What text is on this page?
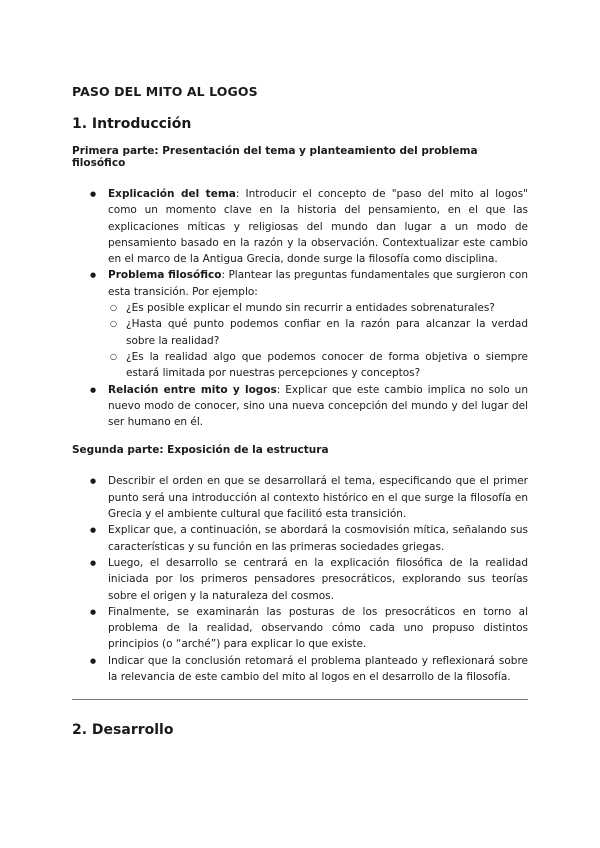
PASO DEL MITO AL LOGOS
1. Introducción
Primera parte: Presentación del tema y planteamiento del problema filosófico
● Explicación del tema: Introducir el concepto de "paso del mito al logos" como un momento clave en la historia del pensamiento, en el que las explicaciones míticas y religiosas del mundo dan lugar a un modo de pensamiento basado en la razón y la observación. Contextualizar este cambio en el marco de la Antigua Grecia, donde surge la filosofía como disciplina.
● Problema filosófico: Plantear las preguntas fundamentales que surgieron con esta transición. Por ejemplo:
○ ¿Es posible explicar el mundo sin recurrir a entidades sobrenaturales?
○ ¿Hasta qué punto podemos confiar en la razón para alcanzar la verdad sobre la realidad?
○ ¿Es la realidad algo que podemos conocer de forma objetiva o siempre estará limitada por nuestras percepciones y conceptos?
● Relación entre mito y logos: Explicar que este cambio implica no solo un nuevo modo de conocer, sino una nueva concepción del mundo y del lugar del ser humano en él.
Segunda parte: Exposición de la estructura
● Describir el orden en que se desarrollará el tema, especificando que el primer punto será una introducción al contexto histórico en el que surge la filosofía en Grecia y el ambiente cultural que facilitó esta transición.
● Explicar que, a continuación, se abordará la cosmovisión mítica, señalando sus características y su función en las primeras sociedades griegas.
● Luego, el desarrollo se centrará en la explicación filosófica de la realidad iniciada por los primeros pensadores presocráticos, explorando sus teorías sobre el origen y la naturaleza del cosmos.
● Finalmente, se examinarán las posturas de los presocráticos en torno al problema de la realidad, observando cómo cada uno propuso distintos principios (o “arché”) para explicar lo que existe.
● Indicar que la conclusión retomará el problema planteado y reflexionará sobre la relevancia de este cambio del mito al logos en el desarrollo de la filosofía.
2. Desarrollo
